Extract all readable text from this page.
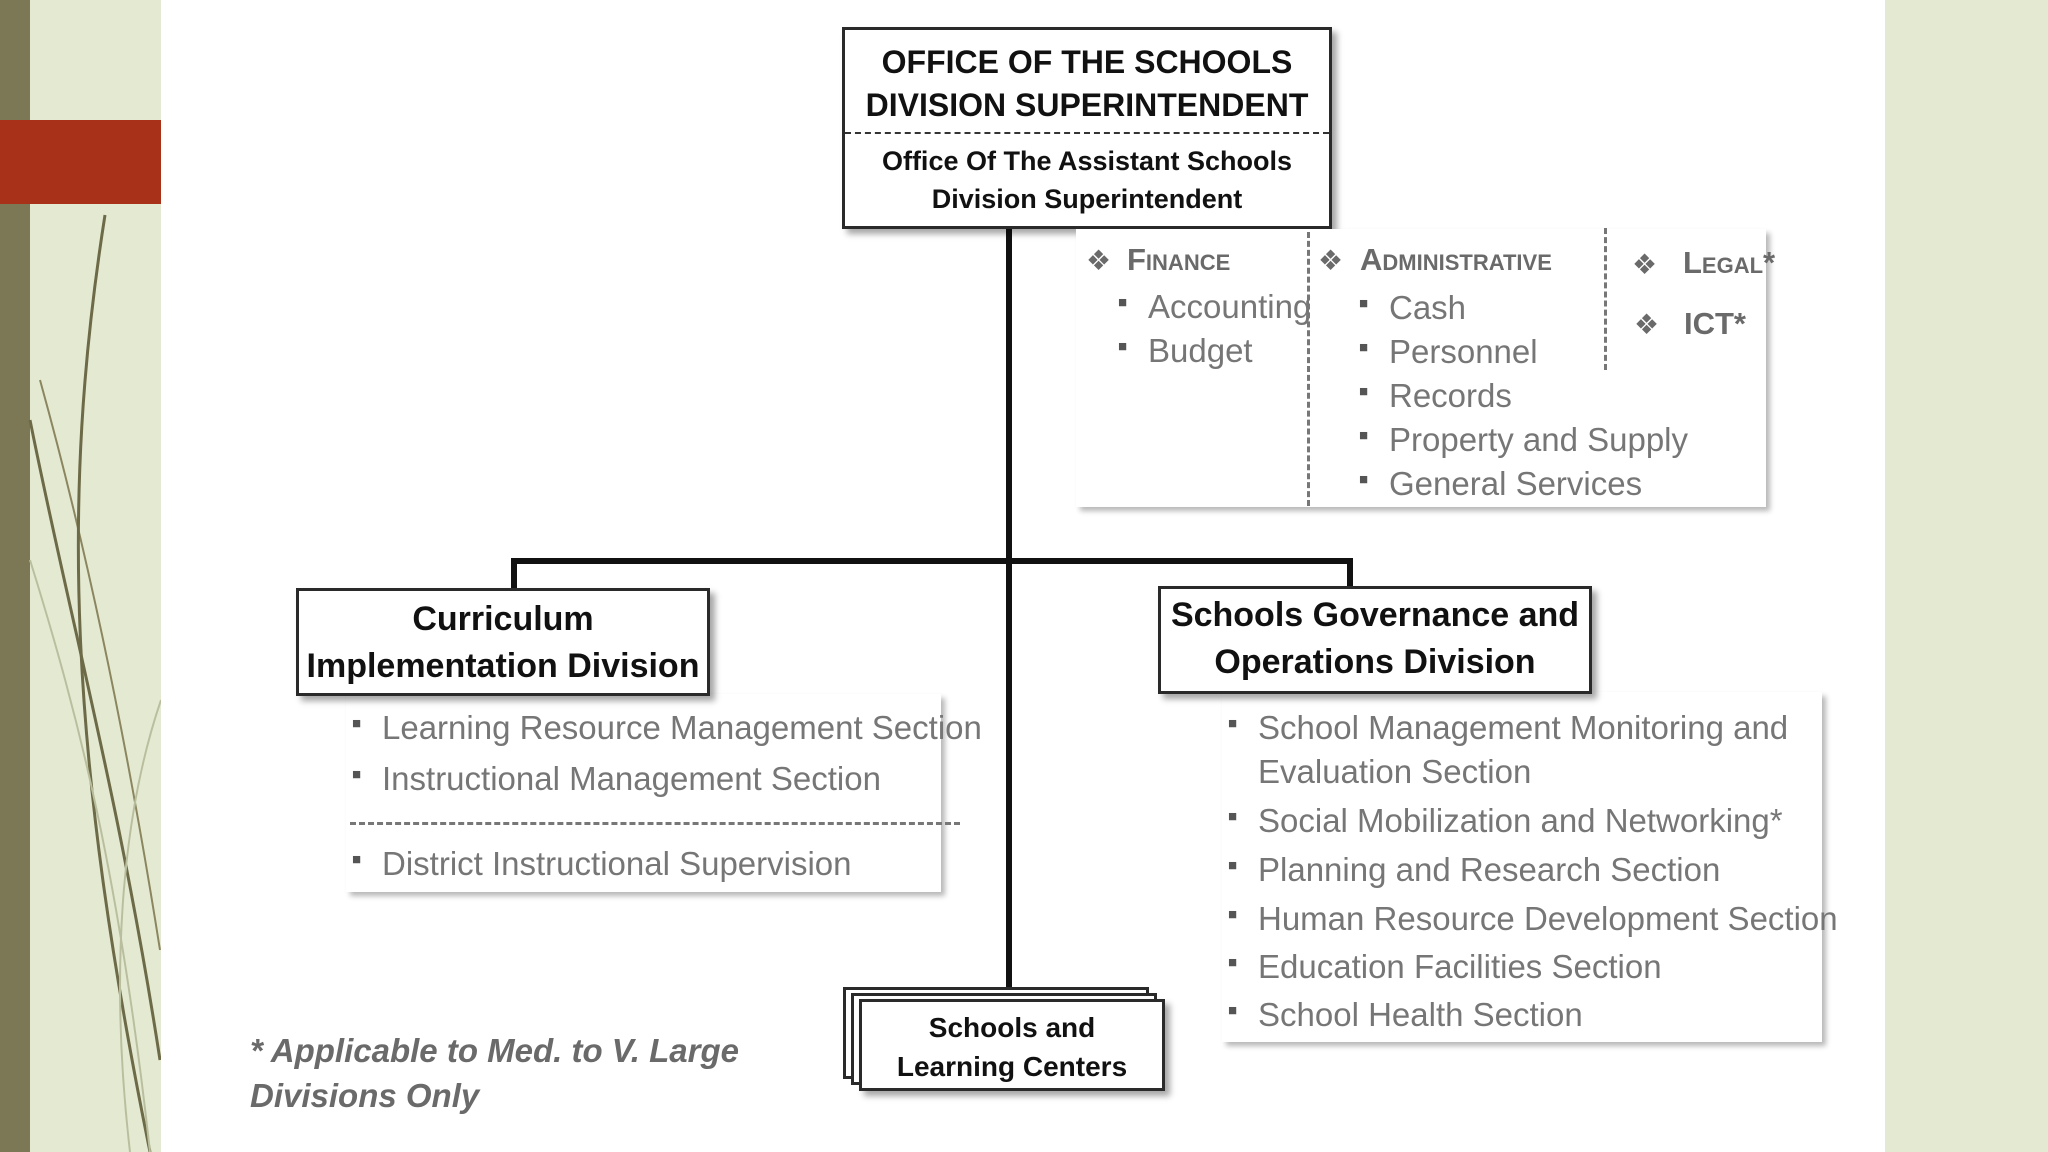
OFFICE OF THE SCHOOLS
DIVISION SUPERINTENDENT
Office Of The Assistant Schools
Division Superintendent
❖ Finance
■ Accounting
■ Budget
❖ Administrative
■ Cash
■ Personnel
■ Records
■ Property and Supply
■ General Services
❖ Legal*
❖ ICT*
Curriculum
Implementation Division
■ Learning Resource Management Section
■ Instructional Management Section
■ District Instructional Supervision
Schools Governance and
Operations Division
■ School Management Monitoring and
Evaluation Section
■ Social Mobilization and Networking*
■ Planning and Research Section
■ Human Resource Development Section
■ Education Facilities Section
■ School Health Section
Schools and
Learning Centers
* Applicable to Med. to V. Large
Divisions Only
